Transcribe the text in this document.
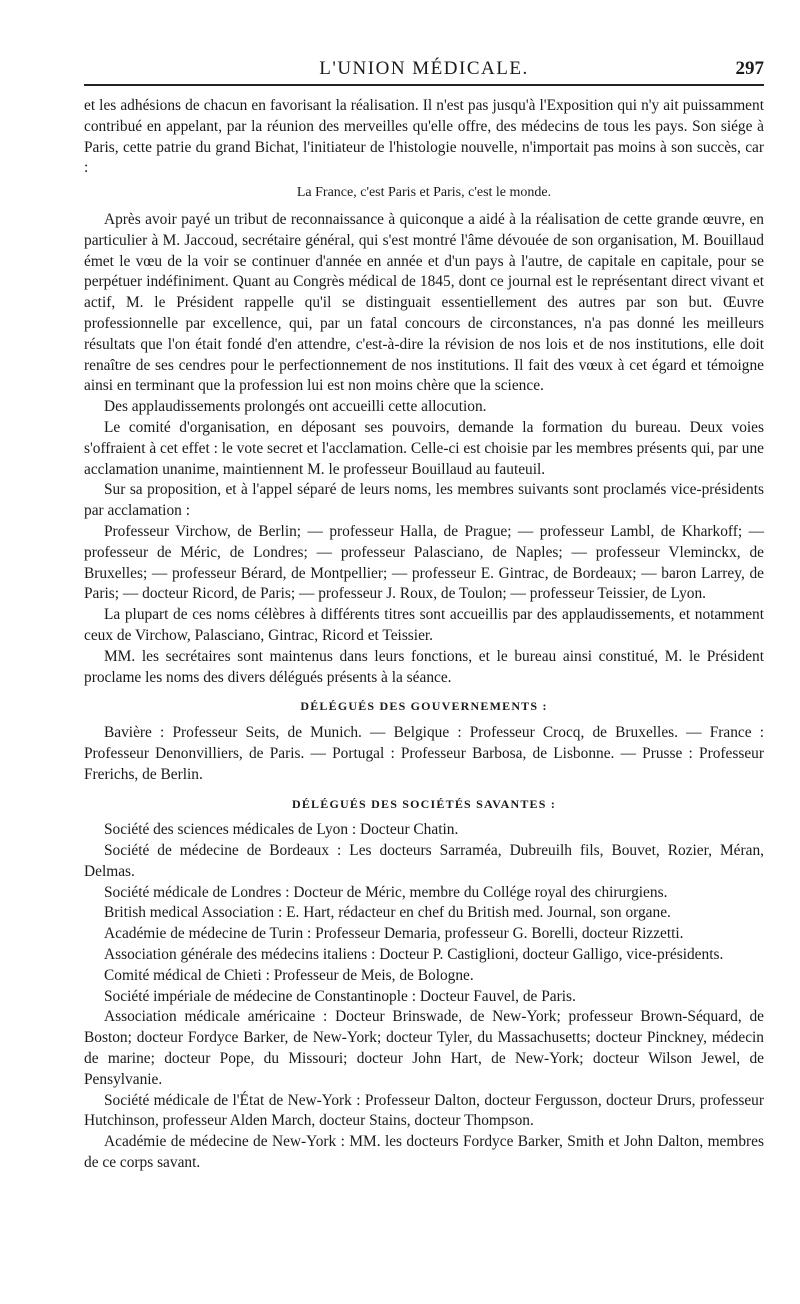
L'UNION MÉDICALE.	297

et les adhésions de chacun en favorisant la réalisation. Il n'est pas jusqu'à l'Exposition qui n'y ait puissamment contribué en appelant, par la réunion des merveilles qu'elle offre, des médecins de tous les pays. Son siége à Paris, cette patrie du grand Bichat, l'initiateur de l'histologie nouvelle, n'importait pas moins à son succès, car :

La France, c'est Paris et Paris, c'est le monde.

Après avoir payé un tribut de reconnaissance à quiconque a aidé à la réalisation de cette grande œuvre, en particulier à M. Jaccoud, secrétaire général, qui s'est montré l'âme dévouée de son organisation, M. Bouillaud émet le vœu de la voir se continuer d'année en année et d'un pays à l'autre, de capitale en capitale, pour se perpétuer indéfiniment. Quant au Congrès médical de 1845, dont ce journal est le représentant direct vivant et actif, M. le Président rappelle qu'il se distinguait essentiellement des autres par son but. Œuvre professionnelle par excellence, qui, par un fatal concours de circonstances, n'a pas donné les meilleurs résultats que l'on était fondé d'en attendre, c'est-à-dire la révision de nos lois et de nos institutions, elle doit renaître de ses cendres pour le perfectionnement de nos institutions. Il fait des vœux à cet égard et témoigne ainsi en terminant que la profession lui est non moins chère que la science.

Des applaudissements prolongés ont accueilli cette allocution.

Le comité d'organisation, en déposant ses pouvoirs, demande la formation du bureau. Deux voies s'offraient à cet effet : le vote secret et l'acclamation. Celle-ci est choisie par les membres présents qui, par une acclamation unanime, maintiennent M. le professeur Bouillaud au fauteuil.

Sur sa proposition, et à l'appel séparé de leurs noms, les membres suivants sont proclamés vice-présidents par acclamation :

Professeur Virchow, de Berlin; — professeur Halla, de Prague; — professeur Lambl, de Kharkoff; — professeur de Méric, de Londres; — professeur Palasciano, de Naples; — professeur Vleminckx, de Bruxelles; — professeur Bérard, de Montpellier; — professeur E. Gintrac, de Bordeaux; — baron Larrey, de Paris; — docteur Ricord, de Paris; — professeur J. Roux, de Toulon; — professeur Teissier, de Lyon.

La plupart de ces noms célèbres à différents titres sont accueillis par des applaudissements, et notamment ceux de Virchow, Palasciano, Gintrac, Ricord et Teissier.

MM. les secrétaires sont maintenus dans leurs fonctions, et le bureau ainsi constitué, M. le Président proclame les noms des divers délégués présents à la séance.

DÉLÉGUÉS DES GOUVERNEMENTS :

Bavière : Professeur Seits, de Munich. — Belgique : Professeur Crocq, de Bruxelles. — France : Professeur Denonvilliers, de Paris. — Portugal : Professeur Barbosa, de Lisbonne. — Prusse : Professeur Frerichs, de Berlin.

DÉLÉGUÉS DES SOCIÉTÉS SAVANTES :

Société des sciences médicales de Lyon : Docteur Chatin.

Société de médecine de Bordeaux : Les docteurs Sarraméa, Dubreuilh fils, Bouvet, Rozier, Méran, Delmas.

Société médicale de Londres : Docteur de Méric, membre du Collége royal des chirurgiens.

British medical Association : E. Hart, rédacteur en chef du British med. Journal, son organe.

Académie de médecine de Turin : Professeur Demaria, professeur G. Borelli, docteur Rizzetti.

Association générale des médecins italiens : Docteur P. Castiglioni, docteur Galligo, vice-présidents.

Comité médical de Chieti : Professeur de Meis, de Bologne.

Société impériale de médecine de Constantinople : Docteur Fauvel, de Paris.

Association médicale américaine : Docteur Brinswade, de New-York; professeur Brown-Séquard, de Boston; docteur Fordyce Barker, de New-York; docteur Tyler, du Massachusetts; docteur Pinckney, médecin de marine; docteur Pope, du Missouri; docteur John Hart, de New-York; docteur Wilson Jewel, de Pensylvanie.

Société médicale de l'État de New-York : Professeur Dalton, docteur Fergusson, docteur Drurs, professeur Hutchinson, professeur Alden March, docteur Stains, docteur Thompson.

Académie de médecine de New-York : MM. les docteurs Fordyce Barker, Smith et John Dalton, membres de ce corps savant.
